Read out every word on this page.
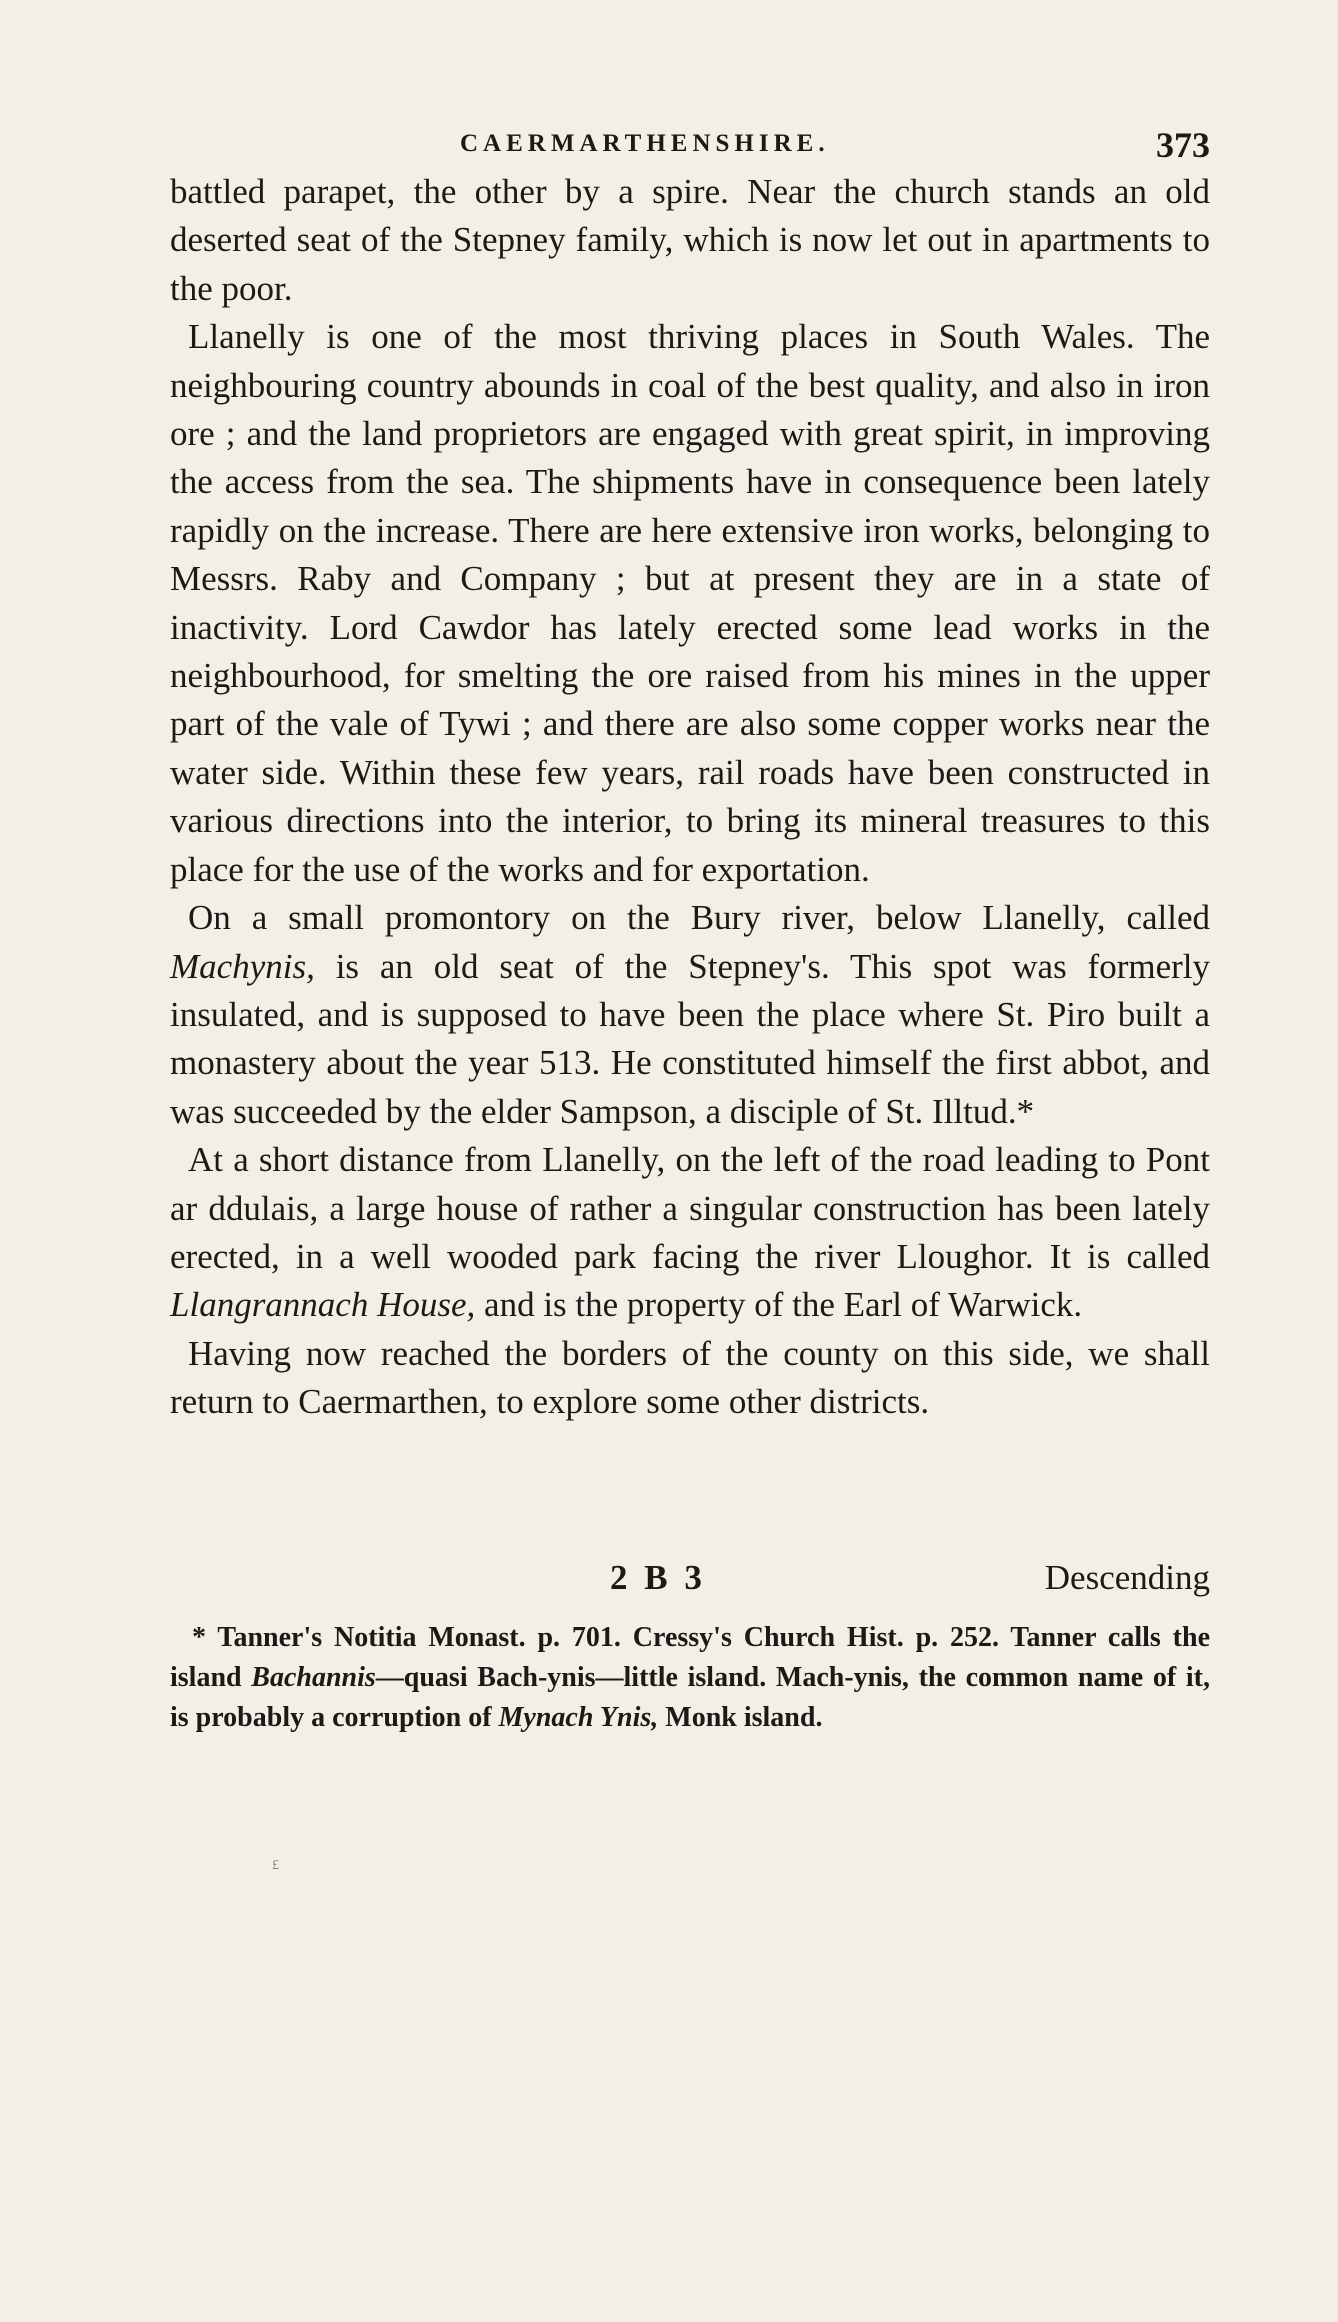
CAERMARTHENSHIRE.	373

battled parapet, the other by a spire. Near the church stands an old deserted seat of the Stepney family, which is now let out in apartments to the poor.

Llanelly is one of the most thriving places in South Wales. The neighbouring country abounds in coal of the best quality, and also in iron ore ; and the land proprietors are engaged with great spirit, in improving the access from the sea. The shipments have in consequence been lately rapidly on the increase. There are here extensive iron works, belonging to Messrs. Raby and Company ; but at present they are in a state of inactivity. Lord Cawdor has lately erected some lead works in the neighbourhood, for smelting the ore raised from his mines in the upper part of the vale of Tywi ; and there are also some copper works near the water side. Within these few years, rail roads have been constructed in various directions into the interior, to bring its mineral treasures to this place for the use of the works and for exportation.

On a small promontory on the Bury river, below Llanelly, called Machynis, is an old seat of the Stepney's. This spot was formerly insulated, and is supposed to have been the place where St. Piro built a monastery about the year 513. He constituted himself the first abbot, and was succeeded by the elder Sampson, a disciple of St. Illtud.*

At a short distance from Llanelly, on the left of the road leading to Pont ar ddulais, a large house of rather a singular construction has been lately erected, in a well wooded park facing the river Lloughor. It is called Llangrannach House, and is the property of the Earl of Warwick.

Having now reached the borders of the county on this side, we shall return to Caermarthen, to explore some other districts.

2 B 3	Descending

* Tanner's Notitia Monast. p. 701. Cressy's Church Hist. p. 252. Tanner calls the island Bachannis—quasi Bach-ynis—little island. Mach-ynis, the common name of it, is probably a corruption of Mynach Ynis, Monk island.

£
